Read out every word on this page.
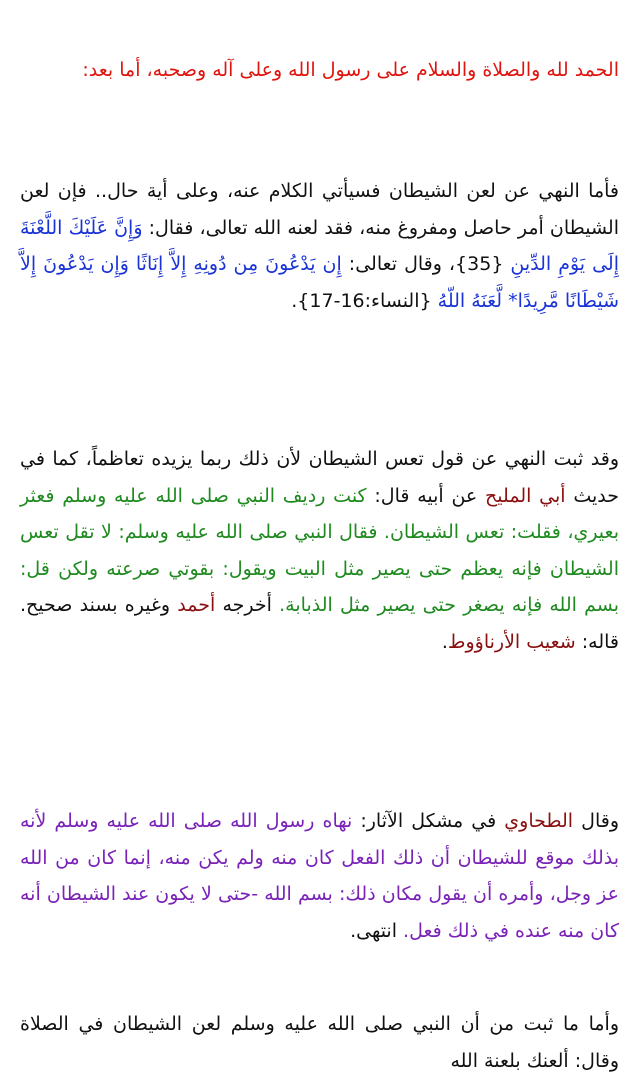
الحمد لله والصلاة والسلام على رسول الله وعلى آله وصحبه، أما بعد:
فأما النهي عن لعن الشيطان فسيأتي الكلام عنه، وعلى أية حال.. فإن لعن الشيطان أمر حاصل ومفروغ منه، فقد لعنه الله تعالى، فقال: وَإِنَّ عَلَيْكَ اللَّعْنَةَ إِلَى يَوْمِ الدِّينِ {35}، وقال تعالى: إِن يَدْعُونَ مِن دُونِهِ إِلاَّ إِنَاثًا وَإِن يَدْعُونَ إِلاَّ شَيْطَانًا مَّرِيدًا* لَّعَنَهُ اللّهُ {النساء:16-17}.
وقد ثبت النهي عن قول تعس الشيطان لأن ذلك ربما يزيده تعاظماً، كما في حديث أبي المليح عن أبيه قال: كنت رديف النبي صلى الله عليه وسلم فعثر بعيري، فقلت: تعس الشيطان. فقال النبي صلى الله عليه وسلم: لا تقل تعس الشيطان فإنه يعظم حتى يصير مثل البيت ويقول: بقوتي صرعته ولكن قل: بسم الله فإنه يصغر حتى يصير مثل الذبابة. أخرجه أحمد وغيره بسند صحيح. قاله: شعيب الأرناؤوط.
وقال الطحاوي في مشكل الآثار: نهاه رسول الله صلى الله عليه وسلم لأنه بذلك موقع للشيطان أن ذلك الفعل كان منه ولم يكن منه، إنما كان من الله عز وجل، وأمره أن يقول مكان ذلك: بسم الله -حتى لا يكون عند الشيطان أنه كان منه عنده في ذلك فعل. انتهى.
وأما ما ثبت من أن النبي صلى الله عليه وسلم لعن الشيطان في الصلاة وقال: ألعنك بلعنة الله
